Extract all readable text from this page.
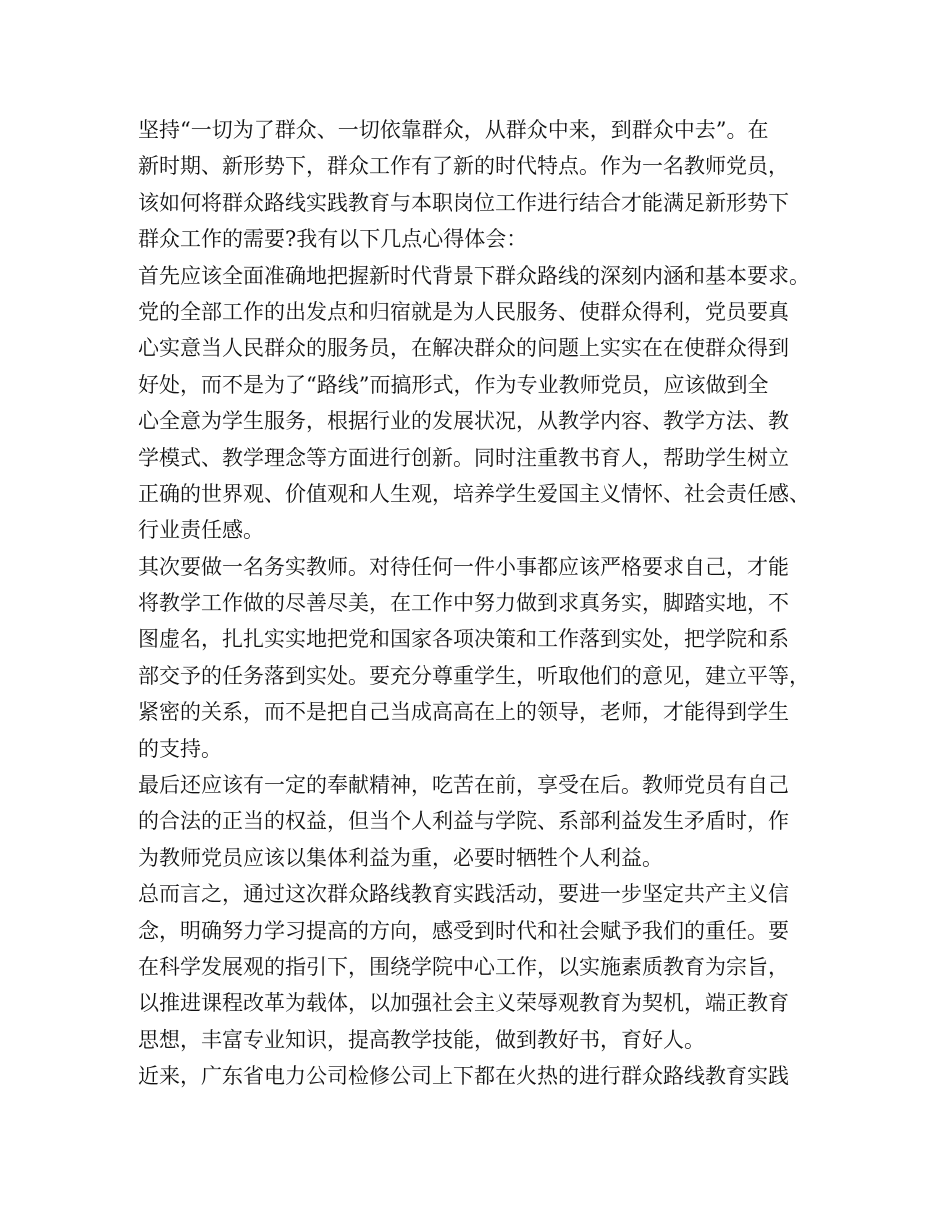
坚持“一切为了群众、一切依靠群众，从群众中来，到群众中去”。在
新时期、新形势下，群众工作有了新的时代特点。作为一名教师党员，
该如何将群众路线实践教育与本职岗位工作进行结合才能满足新形势下
群众工作的需要?我有以下几点心得体会：
首先应该全面准确地把握新时代背景下群众路线的深刻内涵和基本要求。
党的全部工作的出发点和归宿就是为人民服务、使群众得利，党员要真
心实意当人民群众的服务员，在解决群众的问题上实实在在使群众得到
好处，而不是为了“路线”而搞形式，作为专业教师党员，应该做到全
心全意为学生服务，根据行业的发展状况，从教学内容、教学方法、教
学模式、教学理念等方面进行创新。同时注重教书育人，帮助学生树立
正确的世界观、价值观和人生观，培养学生爱国主义情怀、社会责任感、
行业责任感。
其次要做一名务实教师。对待任何一件小事都应该严格要求自己，才能
将教学工作做的尽善尽美，在工作中努力做到求真务实，脚踏实地，不
图虚名，扎扎实实地把党和国家各项决策和工作落到实处，把学院和系
部交予的任务落到实处。要充分尊重学生，听取他们的意见，建立平等，
紧密的关系，而不是把自己当成高高在上的领导，老师，才能得到学生
的支持。
最后还应该有一定的奉献精神，吃苦在前，享受在后。教师党员有自己
的合法的正当的权益，但当个人利益与学院、系部利益发生矛盾时，作
为教师党员应该以集体利益为重，必要时牺牲个人利益。
总而言之，通过这次群众路线教育实践活动，要进一步坚定共产主义信
念，明确努力学习提高的方向，感受到时代和社会赋予我们的重任。要
在科学发展观的指引下，围绕学院中心工作，以实施素质教育为宗旨，
以推进课程改革为载体，以加强社会主义荣辱观教育为契机，端正教育
思想，丰富专业知识，提高教学技能，做到教好书，育好人。
近来，广东省电力公司检修公司上下都在火热的进行群众路线教育实践
